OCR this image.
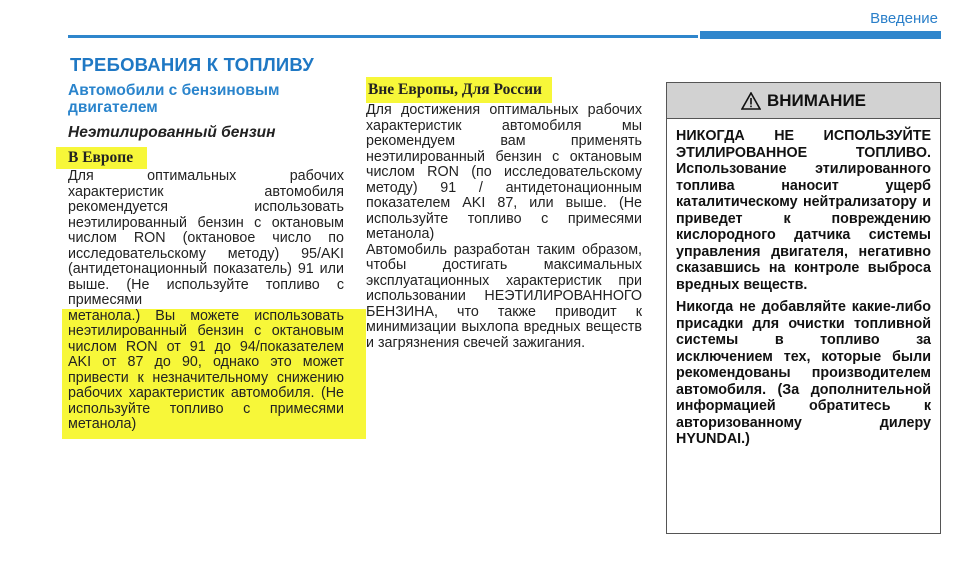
Введение
ТРЕБОВАНИЯ К ТОПЛИВУ
Автомобили с бензиновым двигателем
Неэтилированный бензин
В Европе

Для оптимальных рабочих характеристик автомобиля рекомендуется использовать неэтилированный бензин с октановым числом RON (октановое число по исследовательскому методу) 95/AKI (антидетонационный показатель) 91 или выше. (Не используйте топливо с примесями

метанола.) Вы можете использовать неэтилированный бензин с октановым числом RON от 91 до 94/показателем AKI от 87 до 90, однако это может привести к незначительному снижению рабочих характеристик автомобиля. (Не используйте топливо с примесями метанола)

Вне Европы, Для России

Для достижения оптимальных рабочих характеристик автомобиля мы рекомендуем вам применять неэтилированный бензин с октановым числом RON (по исследовательскому методу) 91 / антидетонационным показателем AKI 87, или выше. (Не используйте топливо с примесями метанола)

Автомобиль разработан таким образом, чтобы достигать максимальных эксплуатационных характеристик при использовании НЕЭТИЛИРОВАННОГО БЕНЗИНА, что также приводит к минимизации выхлопа вредных веществ и загрязнения свечей зажигания.

ВНИМАНИЕ

НИКОГДА НЕ ИСПОЛЬЗУЙТЕ ЭТИЛИРОВАННОЕ ТОПЛИВО. Использование этилированного топлива наносит ущерб каталитическому нейтрализатору и приведет к повреждению кислородного датчика системы управления двигателя, негативно сказавшись на контроле выброса вредных веществ.

Никогда не добавляйте какие-либо присадки для очистки топливной системы в топливо за исключением тех, которые были рекомендованы производителем автомобиля. (За дополнительной информацией обратитесь к авторизованному дилеру HYUNDAI.)
